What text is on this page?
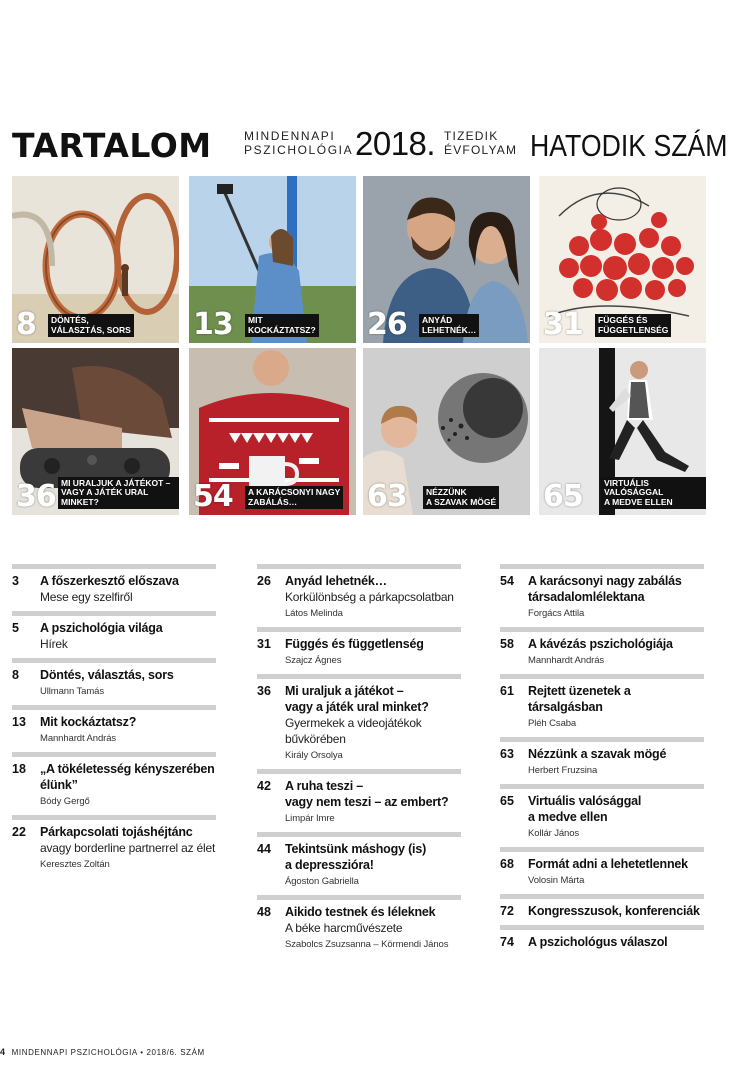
TARTALOM	MINDENNAPI
PSZICHOLÓGIA 2018. TIZEDIK
ÉVFOLYAM HATODIK SZÁM
8 DÖNTÉS,
VÁLASZTÁS, SORS 13 MIT
KOCKÁZTATSZ? 26 ANYÁD
LEHETNÉK… 31 FÜGGÉS ÉS
FÜGGETLENSÉG
36 MI URALJUK A JÁTÉKOT –
VAGY A JÁTÉK URAL MINKET?	54 A KARÁCSONYI NAGY
ZABÁLÁS…	63 NÉZZÜNK
A SZAVAK MÖGÉ 65	VIRTUÁLIS VALÓSÁGGAL
A MEDVE ELLEN
3 A főszerkesztő előszava
Mese egy szelfiről
5 A pszichológia világa
Hírek
8 Döntés, választás, sors
Ullmann Tamás
13 Mit kockáztatsz?
Mannhardt András
18 „A tökéletesség kényszerében
élünk”
Bódy Gergő
22 Párkapcsolati tojáshéjtánc
avagy borderline partnerrel az élet
Keresztes Zoltán
26 Anyád lehetnék…
Korkülönbség a párkapcsolatban
Látos Melinda
31 Függés és függetlenség
Szajcz Ágnes
36 Mi uraljuk a játékot –
vagy a játék ural minket?
Gyermekek a videojátékok
bűvkörében
Király Orsolya
42 A ruha teszi –
vagy nem teszi – az embert?
Limpár Imre
44 Tekintsünk máshogy (is)
a depresszióra!
Ágoston Gabriella
48 Aikido testnek és léleknek
A béke harcművészete
Szabolcs Zsuzsanna – Körmendi János
54 A karácsonyi nagy zabálás
társadalomlélektana
Forgács Attila
58 A kávézás pszichológiája
Mannhardt András
61 Rejtett üzenetek a társalgásban
Pléh Csaba
63 Nézzünk a szavak mögé
Herbert Fruzsina
65 Virtuális valósággal
a medve ellen
Kollár János
68 Formát adni a lehetetlennek
Volosin Márta
72 Kongresszusok, konferenciák
74 A pszichológus válaszol
4 MINDENNAPI PSZICHOLÓGIA • 2018/6. SZÁM
